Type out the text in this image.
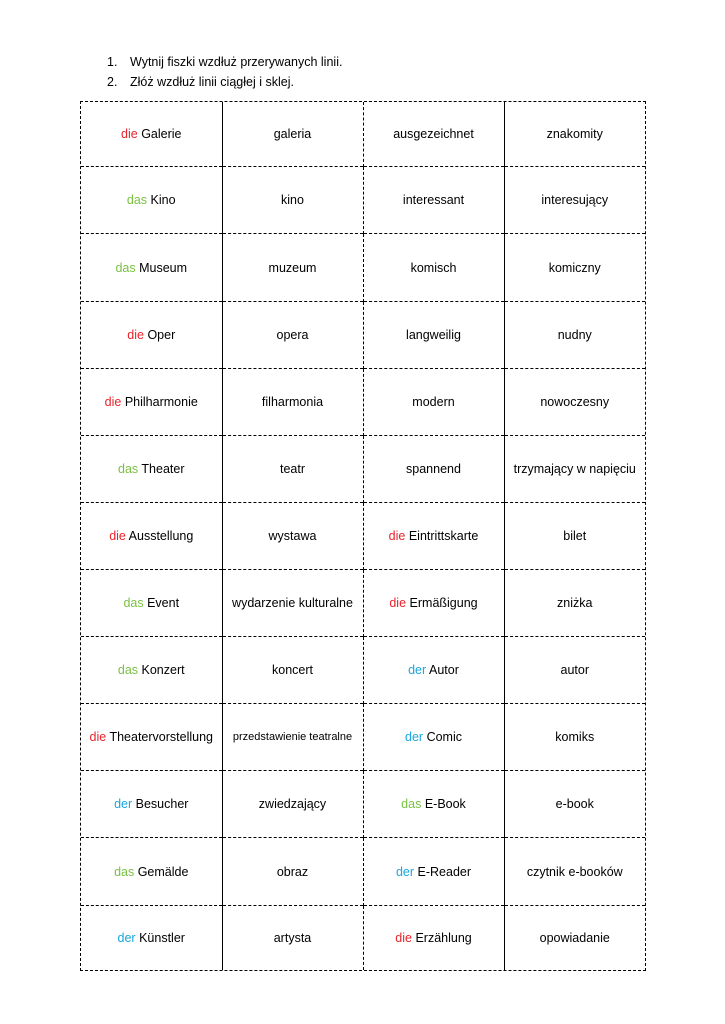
1. Wytnij fiszki wzdłuż przerywanych linii.
2. Złóż wzdłuż linii ciągłej i sklej.
die Galerie	galeria	ausgezeichnet	znakomity
das Kino	kino	interessant	interesujący
das Museum	muzeum	komisch	komiczny
die Oper	opera	langweilig	nudny
die Philharmonie	filharmonia	modern	nowoczesny
das Theater	teatr	spannend	trzymający w napięciu
die Ausstellung	wystawa	die Eintrittskarte	bilet
das Event	wydarzenie kulturalne	die Ermäßigung	zniżka
das Konzert	koncert	der Autor	autor
die Theatervorstellung	przedstawienie teatralne	der Comic	komiks
der Besucher	zwiedzający	das E-Book	e-book
das Gemälde	obraz	der E-Reader	czytnik e-booków
der Künstler	artysta	die Erzählung	opowiadanie
